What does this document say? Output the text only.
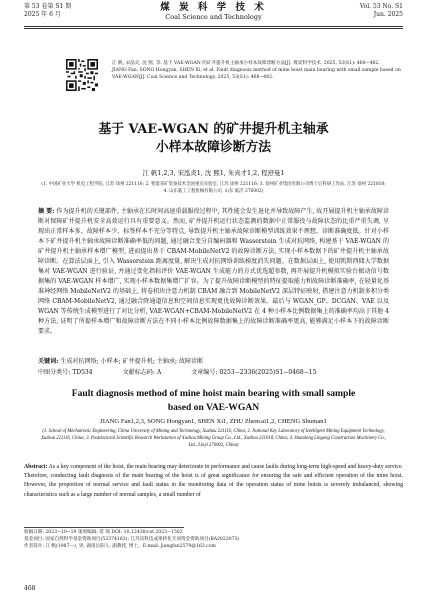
第 53 卷第 S1 期
2025 年 6 月
煤 炭 科 学 技 术
Coal Science and Technology
Vol. 53 No. S1
Jun. 2025
江 帆, 宋泓炎, 沈 熙, 等. 基于 VAE-WGAN 的矿井提升机主轴承小样本故障诊断方法[J]. 煤炭科学技术, 2025, 53(S1): 468−482.
JIANG Fan, SONG Hongyan, SHEN Xi, et al. Fault diagnosis method of mine hoist main bearing with small sample based on VAE-WGAN[J]. Coal Science and Technology, 2025, 53(S1): 468−482.
基于 VAE-WGAN 的矿井提升机主轴承
小样本故障诊断方法
江 帆1,2,3, 宋泓炎1, 沈 熙1, 朱真才1,2, 程舒曼1
(1. 中国矿业大学 机电工程学院, 江苏 徐州 221116; 2. 智能采矿装备技术全国重点实验室, 江苏 徐州 221116; 3. 徐州矿业集团有限公司博士后科研工作站, 江苏 徐州 221018; 4. 山东临工工程机械有限公司, 山东 临沂 276002)
摘 要: 作为提升机的关键部件, 主轴承在长时间高速重载服役过程中, 其性能会发生退化并导致故障产生, 故开展提升机主轴承故障诊断对保障矿井提升机安全高效运行具有重要意义。然而, 矿井提升机运行状态监测的数据中正常服役与故障状态的比重严重失调, 呈现出正常样本多、故障样本少、标签样本不充分等特点, 导致提升机主轴承故障诊断模型训练效果不理想、诊断准确度低。针对小样本下矿井提升机主轴承故障诊断准确率低的问题, 通过融合变分自编码器和 Wasserstein 生成对抗网络, 构建基于 VAE-WGAN 的矿井提升机主轴承样本增广模型, 进而提出基于 CBAM-MobileNetV2 的故障诊断方法, 实现小样本数据下的矿井提升机主轴承故障诊断。在算法层面上, 引入 Wasserstein 距离度量, 解决生成对抗网络训练梯度消失问题。在数据层面上, 使用凯斯西储大学数据集对 VAE-WGAN 进行验证, 并通过变化指标评价 VAE-WGAN 生成能力的方式优选超参数, 再开展提升机模拟实验台振动信号数据集的 VAE-WGAN 样本增广, 实现小样本数据集增广扩容。为了提升故障诊断模型的特征提取能力和故障诊断准确率, 在轻量化基准神经网络 MobileNetV2 的基础上, 将卷积块注意力机制 CBAM 融合到 MobileNetV2 深层特征映射, 搭建注意力机制多积分类网络 CBAM-MobileNetV2, 通过融合降通道信息和空间信息实现更优故障诊断效果。最后与 WGAN_GP、DCGAN、VAE 以及 WGAN 等传统生成模型进行了对比分析, VAE-WGAN+CBAM-MobileNetV2 在 4 种小样本比例数据集上的准确率均高于其他 4 种方法, 证明了所提样本增广和故障诊断方法在不同小样本比例故障数据集上的故障诊断准确率更高, 能够满足小样本下的故障诊断要求。
关键词: 生成对抗网络; 小样本; 矿井提升机; 主轴承; 故障诊断
中图分类号: TD534	文献标志码: A	文章编号: 0253−2336(2025)S1−0468−15
Fault diagnosis method of mine hoist main bearing with small sample
based on VAE-WGAN
JIANG Fan1,2,3, SONG Hongyan1, SHEN Xi1, ZHU Zhencai1,2, CHENG Shuman1
(1. School of Mechatronic Engineering, China University of Mining and Technology, Xuzhou 221116, China; 2. National Key Laboratory of Intelligent Mining Equipment Technology, Xuzhou 221116, China; 3. Postdoctoral Scientific Research Workstation of Xuzhou Mining Group Co., Ltd., Xuzhou 221018, China; 4. Shandong Lingong Construction Machinery Co., Ltd., Linyi 276002, China)
Abstract: As a key component of the hoist, the main bearing may deteriorate in performance and cause faults during long-term high-speed and heavy-duty service. Therefore, conducting fault diagnosis of the main bearing of the hoist is of great significance for ensuring the safe and efficient operation of the mine hoist. However, the proportion of normal service and fault status in the monitoring data of the operation status of mine hoists is severely imbalanced, showing characteristics such as a large number of normal samples, a small number of
收稿日期: 2023−10−19 策划编辑: 常 琛 DOI: 10.12438/cst.2023−1502
基金项目: 国家自然科学基金资助项目(52374163); 江苏省科技成果转化专项资金资助项目(BA2022075)
作者简介: 江 帆(1987—), 男, 湖南岳阳人, 副教授, 博士。E-mail: jiangfan2579@163.com
468
